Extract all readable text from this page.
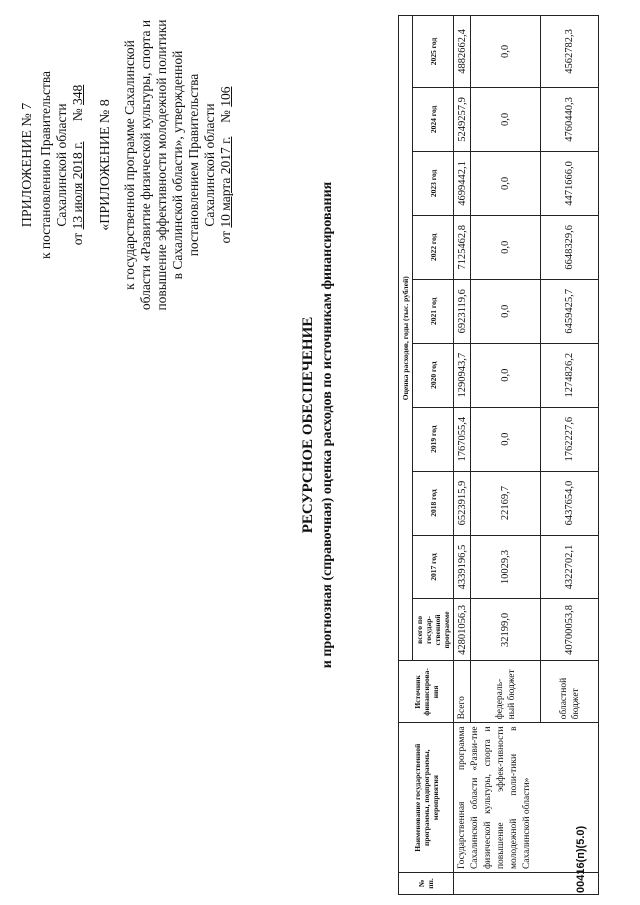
ПРИЛОЖЕНИЕ № 7 к постановлению Правительства Сахалинской области
от 13 июля 2018 г.      № 348
«ПРИЛОЖЕНИЕ № 8 к государственной программе Сахалинской области «Развитие физической культуры, спорта и повышение эффективности молодежной политики в Сахалинской области», утвержденной постановлением Правительства Сахалинской области
от 10 марта 2017 г.    № 106
РЕСУРСНОЕ ОБЕСПЕЧЕНИЕ и прогнозная (справочная) оценка расходов по источникам финансирования
№ пп.	Наименование государственной программы, подпрограммы, мероприятия	Источник финансирова-ния	Оценка расходов, годы (тыс. рублей)									
			всего по государ-ственной программе	2017 год	2018 год	2019 год	2020 год	2021 год	2022 год	2023 год	2024 год	2025 год
	Государственная программа Сахалинской области «Разви-тие физической культуры, спорта и повышение эффек-тивности молодежной поли-тики в Сахалинской области»	Всего	42801056,3	4339196,5	6523915,9	1767055,4	1290943,7	6923119,6	7125462,8	4699442,1	5249257,9	4882662,4
		федераль-ный бюджет	32199,0	10029,3	22169,7	0,0	0,0	0,0	0,0	0,0	0,0	0,0
		областной бюджет	40700053,8	4322702,1	6437654,0	1762227,6	1274826,2	6459425,7	6648329,6	4471666,0	4760440,3	4562782,3
00416(п)(5.0)
